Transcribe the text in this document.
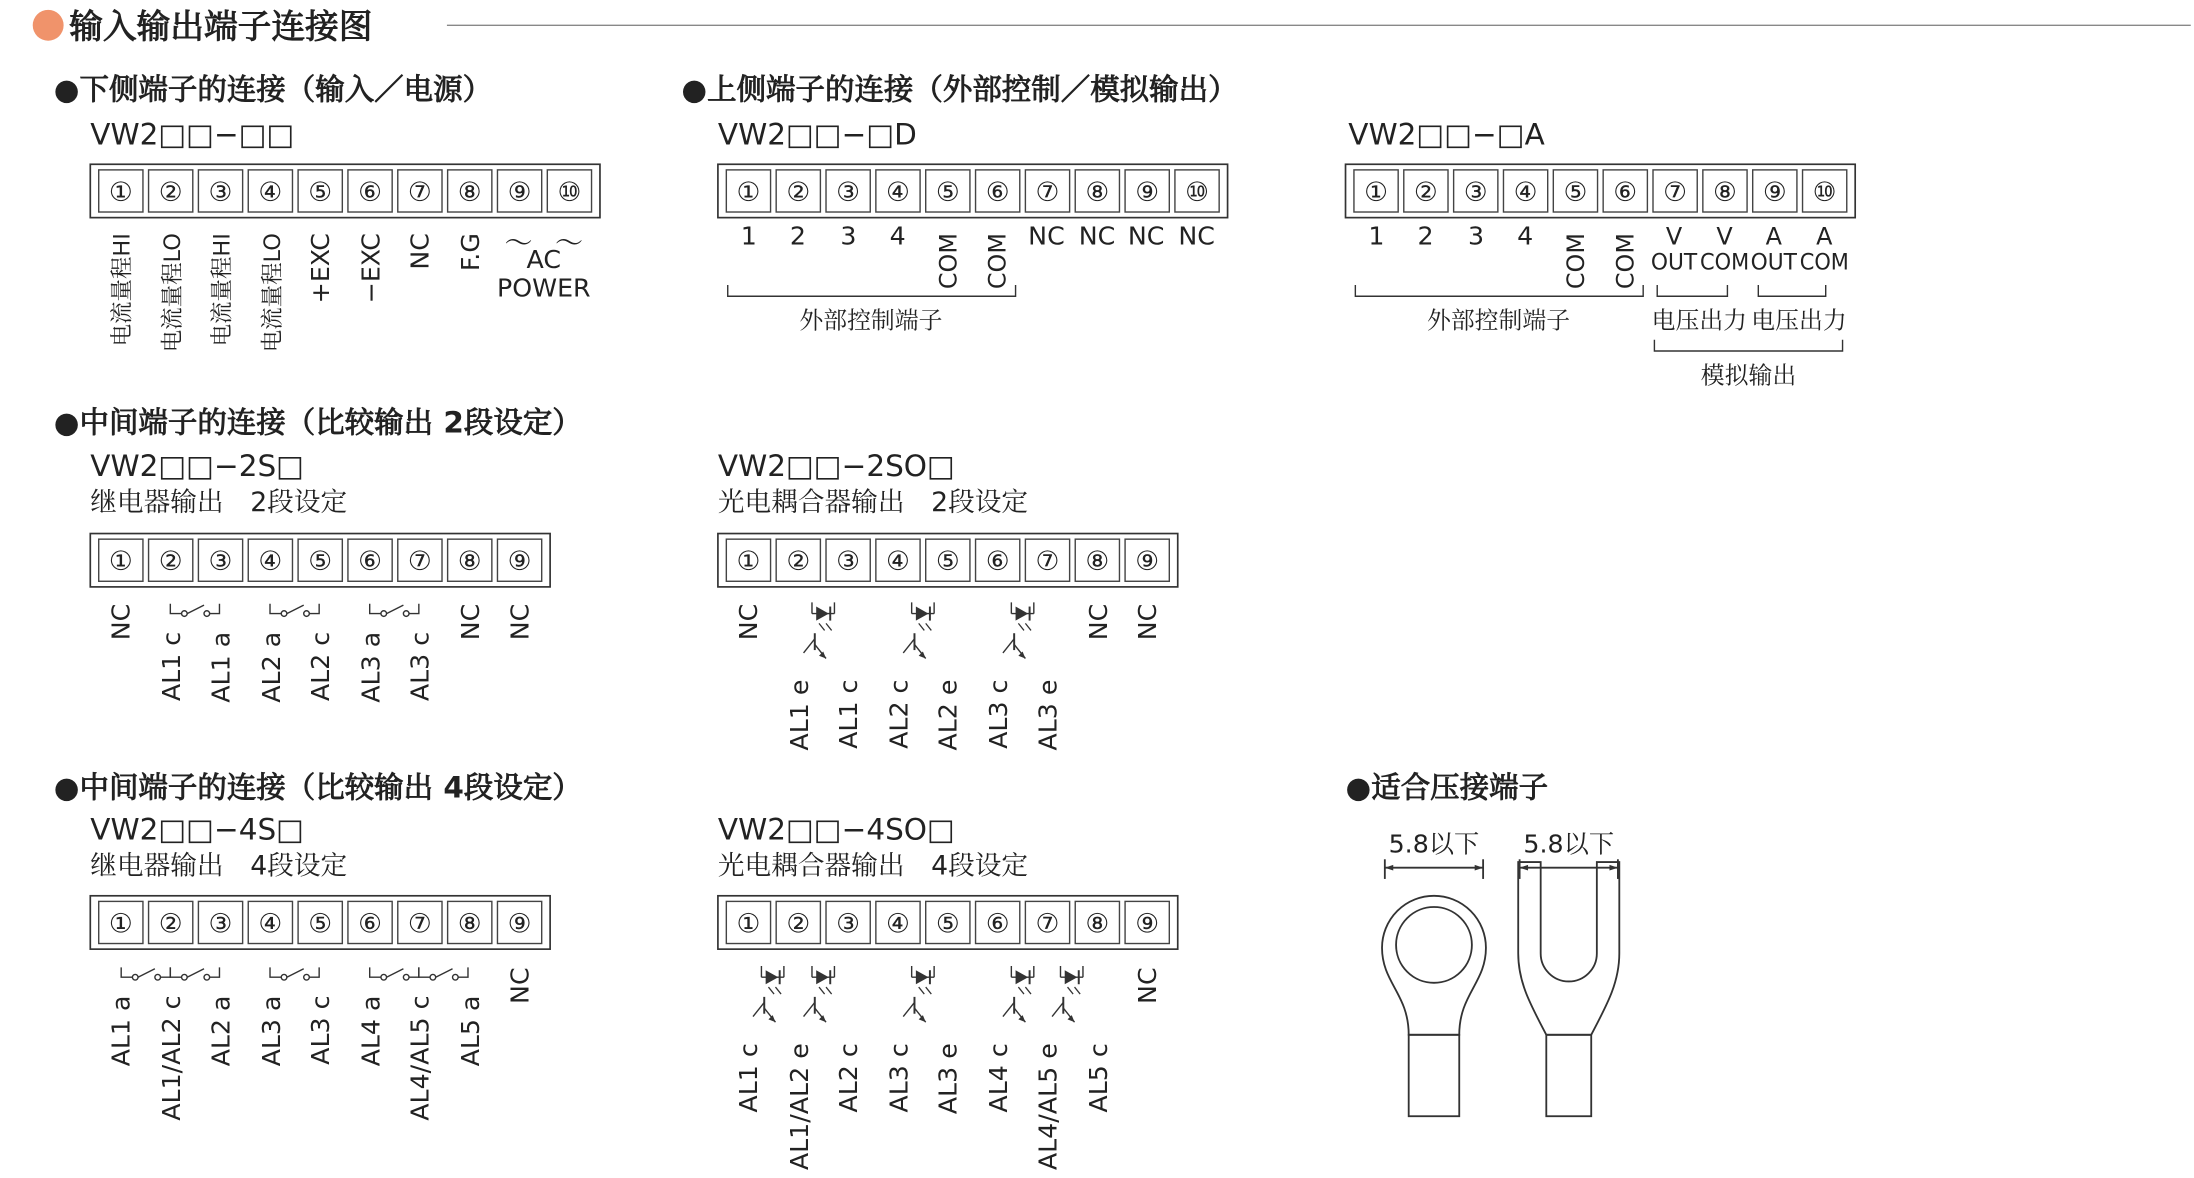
输入输出端子连接图
●下侧端子的连接（输入／电源）	●上侧端子的连接（外部控制／模拟输出）
●中间端子的连接（比较输出 2段设定）
●中间端子的连接（比较输出 4段设定）	●适合压接端子
VW2□□−□□	VW2□□−□D	VW2□□−□A
VW2□□−2S□	VW2□□−2SO□
VW2□□−4S□	VW2□□−4SO□
继电器输出　2段设定	光电耦合器输出　2段设定
继电器输出　4段设定	光电耦合器输出　4段设定
① ② ③ ④ ⑤ ⑥ ⑦ ⑧ ⑨ ⑩	① ② ③ ④ ⑤ ⑥ ⑦ ⑧ ⑨ ⑩	① ② ③ ④ ⑤ ⑥ ⑦ ⑧ ⑨ ⑩
① ② ③ ④ ⑤ ⑥ ⑦ ⑧ ⑨	① ② ③ ④ ⑤ ⑥ ⑦ ⑧ ⑨
① ② ③ ④ ⑤ ⑥ ⑦ ⑧ ⑨	① ② ③ ④ ⑤ ⑥ ⑦ ⑧ ⑨
电流量程HI 电流量程LO 电流量程HI 电流量程LO +EXC −EXC NC F.G ～ ～
AC
POWER
1 2 3 4 COM COM NC NC NC NC
外部控制端子
1 2 3 4 COM COM V V A A
OUT COM OUT COM
外部控制端子	电压出力 电压出力
模拟输出
NC
AL1 c AL1 a AL2 a AL2 c AL3 a AL3 c
NC NC	NC
AL1 e AL1 c AL2 c AL2 e AL3 c AL3 e
NC NC
AL1 a AL1/AL2 c AL2 a AL3 a AL3 c AL4 a AL4/AL5 c AL5 a
NC
AL1 c AL1/AL2 e AL2 c AL3 c AL3 e AL4 c AL4/AL5 e AL5 c
NC
5.8以下 5.8以下
